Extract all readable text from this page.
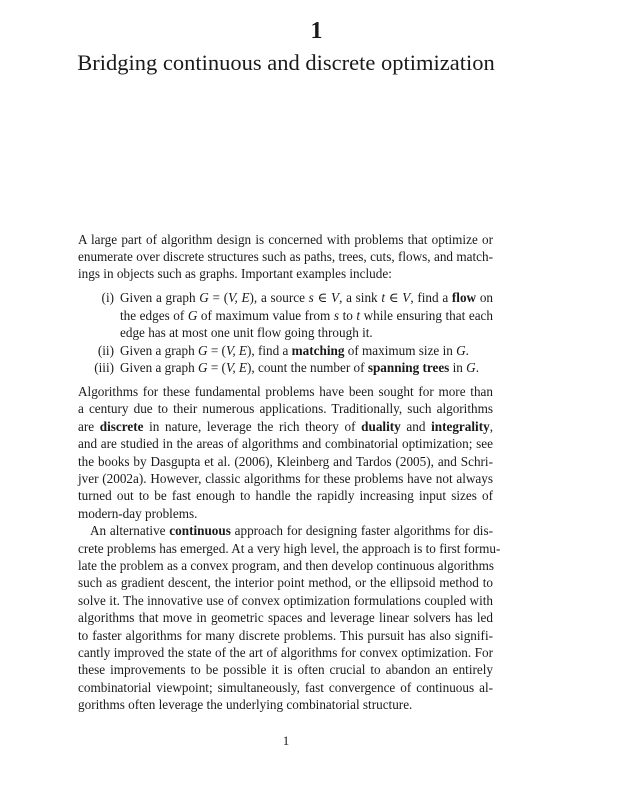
1
Bridging continuous and discrete optimization
A large part of algorithm design is concerned with problems that optimize or
enumerate over discrete structures such as paths, trees, cuts, flows, and match-
ings in objects such as graphs. Important examples include:
Given a graph G = (V, E), a source s ∈ V, a sink t ∈ V, find a flow on
(i)
the edges of G of maximum value from s to t while ensuring that each
edge has at most one unit flow going through it.
Given a graph G = (V, E), find a matching of maximum size in G.
(ii)
Given a graph G = (V, E), count the number of spanning trees in G.
(iii)
Algorithms for these fundamental problems have been sought for more than
a century due to their numerous applications. Traditionally, such algorithms
are discrete in nature, leverage the rich theory of duality and integrality,
and are studied in the areas of algorithms and combinatorial optimization; see
the books by Dasgupta et al. (2006), Kleinberg and Tardos (2005), and Schri-
jver (2002a). However, classic algorithms for these problems have not always
turned out to be fast enough to handle the rapidly increasing input sizes of
modern-day problems.
An alternative continuous approach for designing faster algorithms for dis-
crete problems has emerged. At a very high level, the approach is to first formu-
late the problem as a convex program, and then develop continuous algorithms
such as gradient descent, the interior point method, or the ellipsoid method to
solve it. The innovative use of convex optimization formulations coupled with
algorithms that move in geometric spaces and leverage linear solvers has led
to faster algorithms for many discrete problems. This pursuit has also signifi-
cantly improved the state of the art of algorithms for convex optimization. For
these improvements to be possible it is often crucial to abandon an entirely
combinatorial viewpoint; simultaneously, fast convergence of continuous al-
gorithms often leverage the underlying combinatorial structure.
1
